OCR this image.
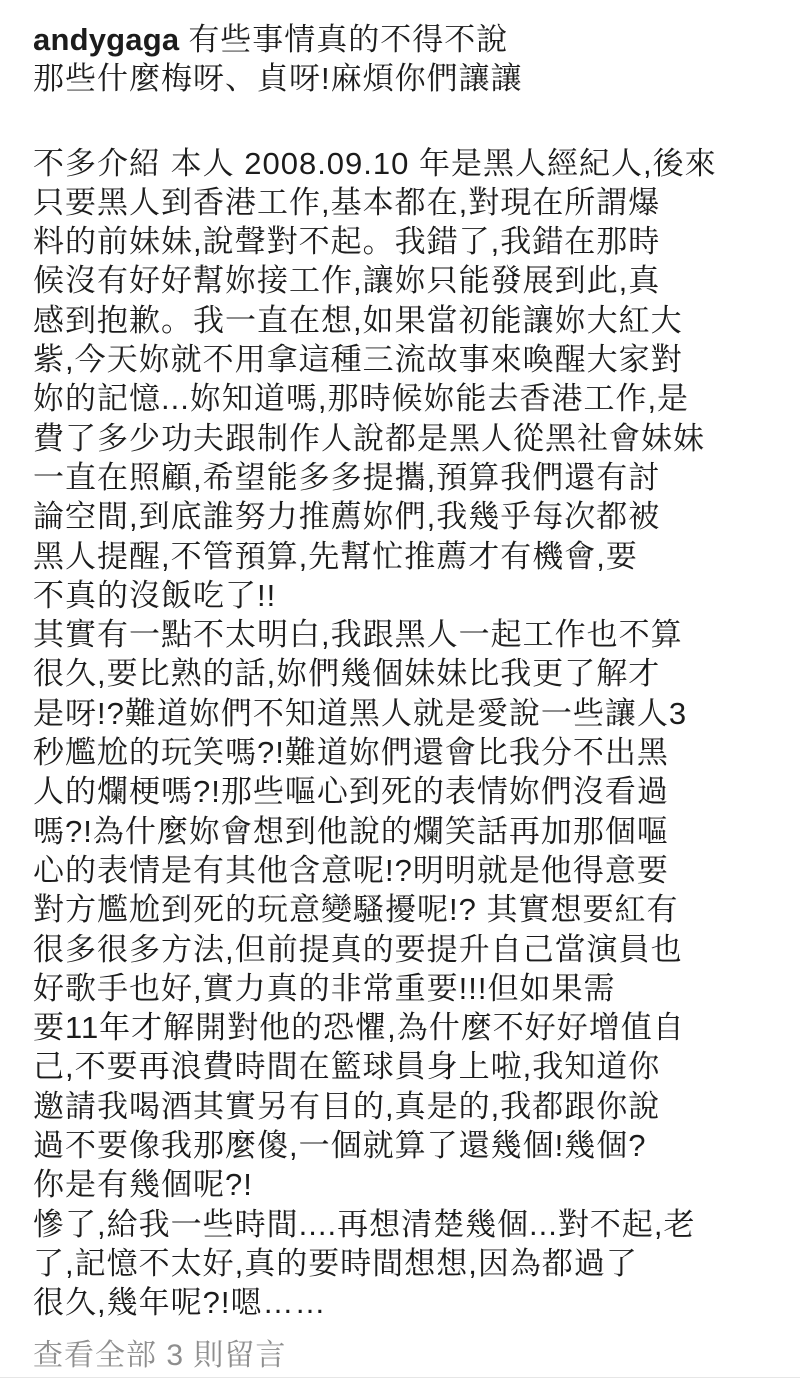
andygaga 有些事情真的不得不說
那些什麼梅呀、貞呀!麻煩你們讓讓
不多介紹 本人 2008.09.10 年是黑人經紀人,後來
只要黑人到香港工作,基本都在,對現在所謂爆
料的前妹妹,說聲對不起。我錯了,我錯在那時
候沒有好好幫妳接工作,讓妳只能發展到此,真
感到抱歉。我一直在想,如果當初能讓妳大紅大
紫,今天妳就不用拿這種三流故事來喚醒大家對
妳的記憶...妳知道嗎,那時候妳能去香港工作,是
費了多少功夫跟制作人說都是黑人從黑社會妹妹
一直在照顧,希望能多多提攜,預算我們還有討
論空間,到底誰努力推薦妳們,我幾乎每次都被
黑人提醒,不管預算,先幫忙推薦才有機會,要
不真的沒飯吃了!!
其實有一點不太明白,我跟黑人一起工作也不算
很久,要比熟的話,妳們幾個妹妹比我更了解才
是呀!?難道妳們不知道黑人就是愛說一些讓人3
秒尷尬的玩笑嗎?!難道妳們還會比我分不出黑
人的爛梗嗎?!那些嘔心到死的表情妳們沒看過
嗎?!為什麼妳會想到他說的爛笑話再加那個嘔
心的表情是有其他含意呢!?明明就是他得意要
對方尷尬到死的玩意變騷擾呢!? 其實想要紅有
很多很多方法,但前提真的要提升自己當演員也
好歌手也好,實力真的非常重要!!!但如果需
要11年才解開對他的恐懼,為什麼不好好增值自
己,不要再浪費時間在籃球員身上啦,我知道你
邀請我喝酒其實另有目的,真是的,我都跟你說
過不要像我那麼傻,一個就算了還幾個!幾個?
你是有幾個呢?!
慘了,給我一些時間....再想清楚幾個...對不起,老
了,記憶不太好,真的要時間想想,因為都過了
很久,幾年呢?!嗯……
查看全部 3 則留言
